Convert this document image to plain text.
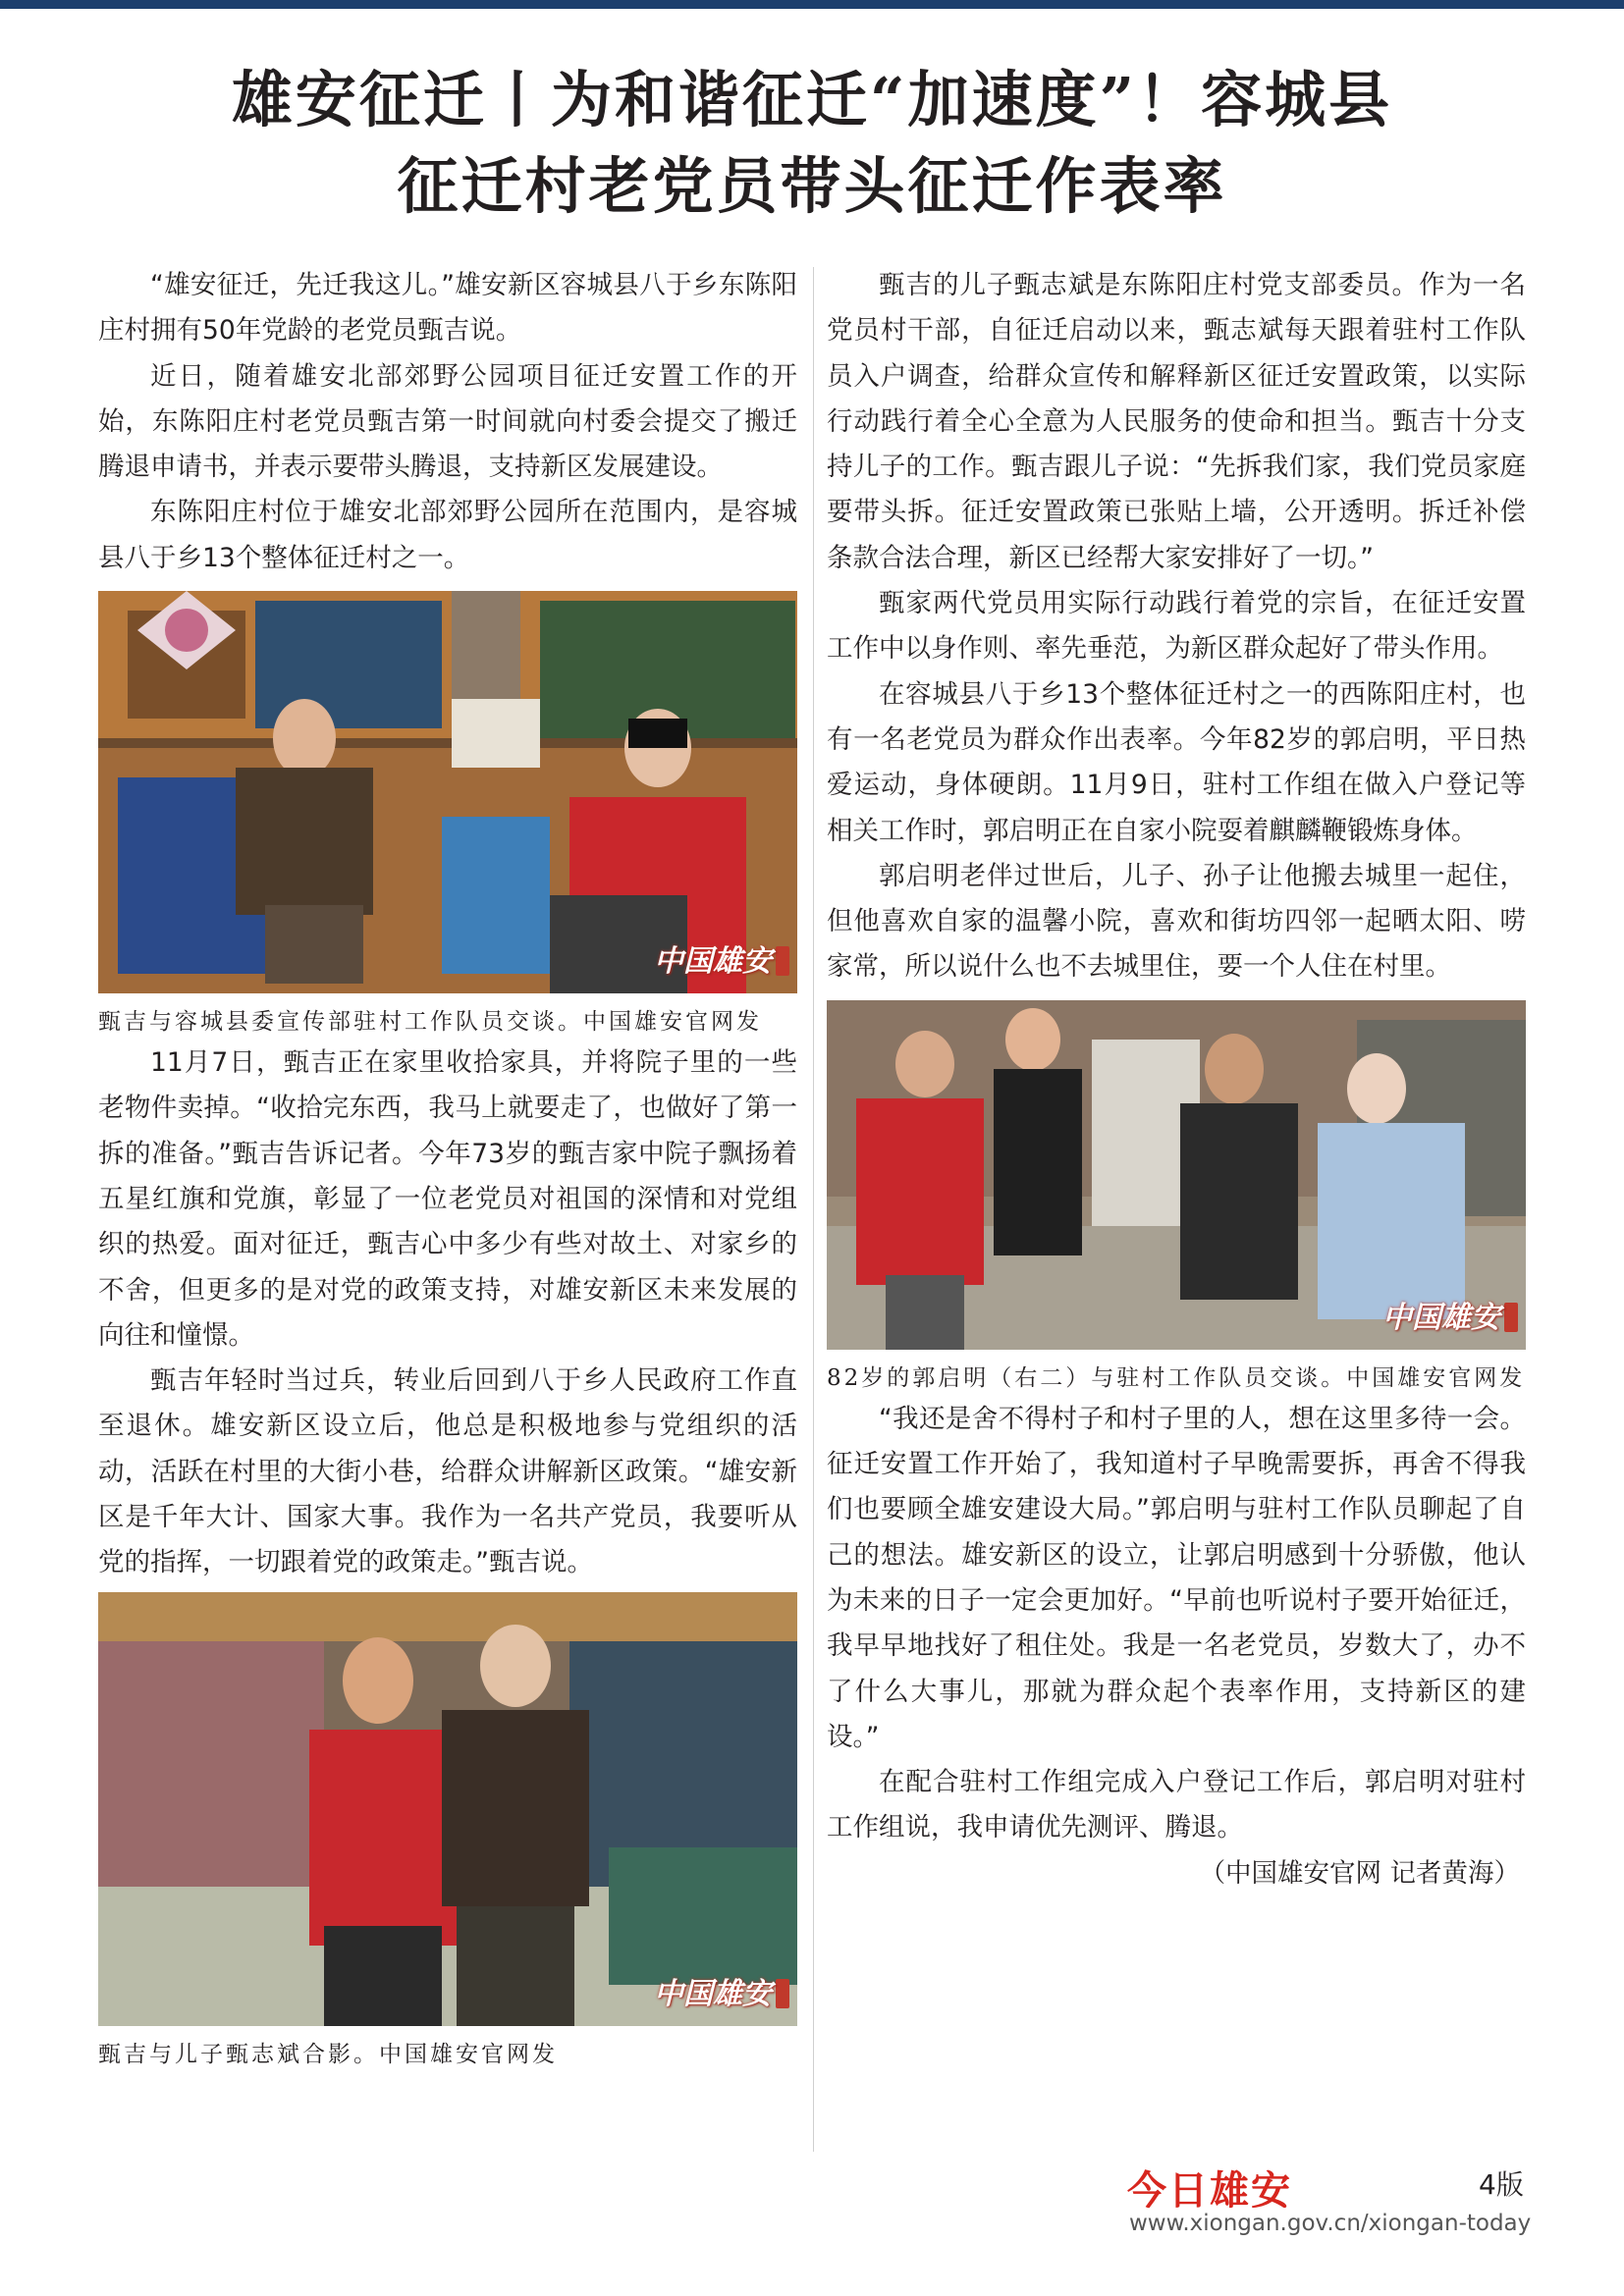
雄安征迁丨为和谐征迁“加速度”！容城县
征迁村老党员带头征迁作表率

“雄安征迁，先迁我这儿。”雄安新区容城县八于乡东陈阳庄村拥有50年党龄的老党员甄吉说。

近日，随着雄安北部郊野公园项目征迁安置工作的开始，东陈阳庄村老党员甄吉第一时间就向村委会提交了搬迁腾退申请书，并表示要带头腾退，支持新区发展建设。

东陈阳庄村位于雄安北部郊野公园所在范围内，是容城县八于乡13个整体征迁村之一。

中国雄安

甄吉与容城县委宣传部驻村工作队员交谈。中国雄安官网发

11月7日，甄吉正在家里收拾家具，并将院子里的一些老物件卖掉。“收拾完东西，我马上就要走了，也做好了第一拆的准备。”甄吉告诉记者。今年73岁的甄吉家中院子飘扬着五星红旗和党旗，彰显了一位老党员对祖国的深情和对党组织的热爱。面对征迁，甄吉心中多少有些对故土、对家乡的不舍，但更多的是对党的政策支持，对雄安新区未来发展的向往和憧憬。

甄吉年轻时当过兵，转业后回到八于乡人民政府工作直至退休。雄安新区设立后，他总是积极地参与党组织的活动，活跃在村里的大街小巷，给群众讲解新区政策。“雄安新区是千年大计、国家大事。我作为一名共产党员，我要听从党的指挥，一切跟着党的政策走。”甄吉说。

中国雄安

甄吉与儿子甄志斌合影。中国雄安官网发

甄吉的儿子甄志斌是东陈阳庄村党支部委员。作为一名党员村干部，自征迁启动以来，甄志斌每天跟着驻村工作队员入户调查，给群众宣传和解释新区征迁安置政策，以实际行动践行着全心全意为人民服务的使命和担当。甄吉十分支持儿子的工作。甄吉跟儿子说：“先拆我们家，我们党员家庭要带头拆。征迁安置政策已张贴上墙，公开透明。拆迁补偿条款合法合理，新区已经帮大家安排好了一切。”

甄家两代党员用实际行动践行着党的宗旨，在征迁安置工作中以身作则、率先垂范，为新区群众起好了带头作用。

在容城县八于乡13个整体征迁村之一的西陈阳庄村，也有一名老党员为群众作出表率。今年82岁的郭启明，平日热爱运动，身体硬朗。11月9日，驻村工作组在做入户登记等相关工作时，郭启明正在自家小院耍着麒麟鞭锻炼身体。

郭启明老伴过世后，儿子、孙子让他搬去城里一起住，但他喜欢自家的温馨小院，喜欢和街坊四邻一起晒太阳、唠家常，所以说什么也不去城里住，要一个人住在村里。

中国雄安

82岁的郭启明（右二）与驻村工作队员交谈。中国雄安官网发

“我还是舍不得村子和村子里的人，想在这里多待一会。征迁安置工作开始了，我知道村子早晚需要拆，再舍不得我们也要顾全雄安建设大局。”郭启明与驻村工作队员聊起了自己的想法。雄安新区的设立，让郭启明感到十分骄傲，他认为未来的日子一定会更加好。“早前也听说村子要开始征迁，我早早地找好了租住处。我是一名老党员，岁数大了，办不了什么大事儿，那就为群众起个表率作用，支持新区的建设。”

在配合驻村工作组完成入户登记工作后，郭启明对驻村工作组说，我申请优先测评、腾退。

（中国雄安官网 记者黄海）
今日雄安	4版
www.xiongan.gov.cn/xiongan-today
